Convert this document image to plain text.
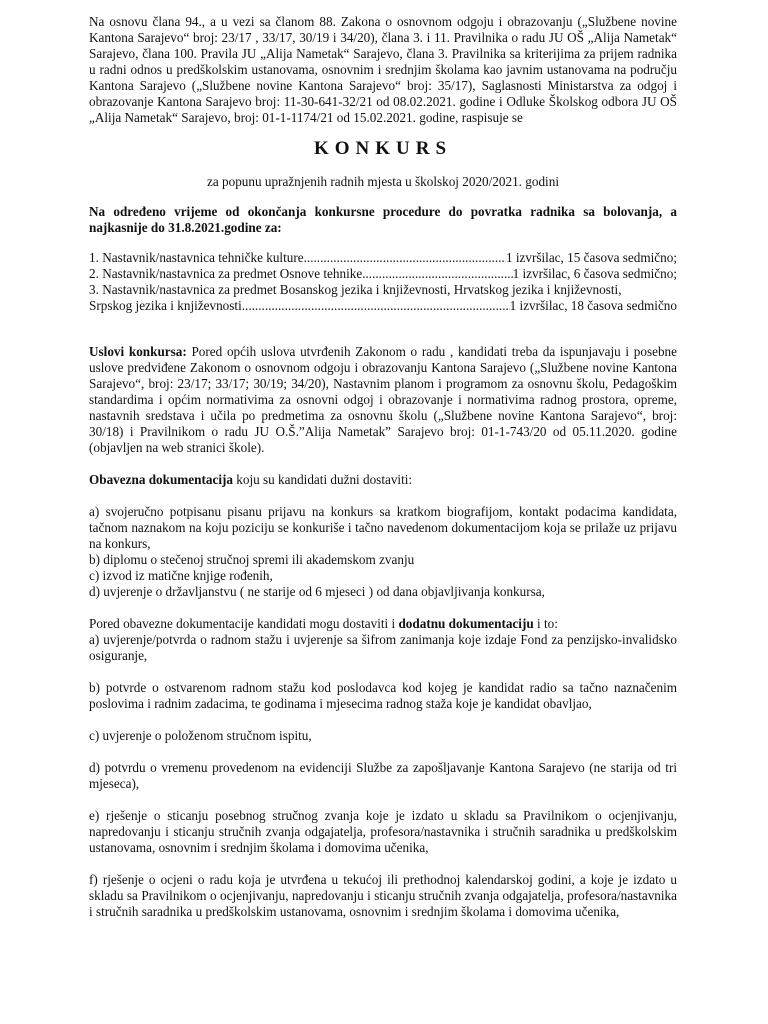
Na osnovu člana 94., a u vezi sa članom 88. Zakona o osnovnom odgoju i obrazovanju („Službene novine Kantona Sarajevo“ broj: 23/17 , 33/17, 30/19 i 34/20), člana 3. i 11. Pravilnika o radu JU OŠ „Alija Nametak“ Sarajevo, člana 100. Pravila JU „Alija Nametak“ Sarajevo, člana 3. Pravilnika sa kriterijima za prijem radnika u radni odnos u predškolskim ustanovama, osnovnim i srednjim školama kao javnim ustanovama na području Kantona Sarajevo („Službene novine Kantona Sarajevo“ broj: 35/17), Saglasnosti Ministarstva za odgoj i obrazovanje Kantona Sarajevo broj: 11-30-641-32/21 od 08.02.2021. godine i Odluke Školskog odbora JU OŠ „Alija Nametak“ Sarajevo, broj: 01-1-1174/21 od 15.02.2021. godine, raspisuje se

KONKURS
za popunu upražnjenih radnih mjesta u školskoj 2020/2021. godini

Na određeno vrijeme od okončanja konkursne procedure do povratka radnika sa bolovanja, a najkasnije do 31.8.2021.godine za:

1. Nastavnik/nastavnica tehničke kulture .....	1 izvršilac, 15 časova sedmično;
2. Nastavnik/nastavnica za predmet Osnove tehnike .....	1 izvršilac, 6 časova sedmično;

3. Nastavnik/nastavnica za predmet Bosanskog jezika i književnosti, Hrvatskog jezika i književnosti,

Srpskog jezika i književnosti .....	1 izvršilac, 18 časova sedmično

Uslovi konkursa: Pored općih uslova utvrđenih Zakonom o radu , kandidati treba da ispunjavaju i posebne uslove predviđene Zakonom o osnovnom odgoju i obrazovanju Kantona Sarajevo („Službene novine Kantona Sarajevo“, broj: 23/17; 33/17; 30/19; 34/20), Nastavnim planom i programom za osnovnu školu, Pedagoškim standardima i općim normativima za osnovni odgoj i obrazovanje i normativima radnog prostora, opreme, nastavnih sredstava i učila po predmetima za osnovnu školu („Službene novine Kantona Sarajevo“, broj: 30/18) i Pravilnikom o radu JU O.Š.”Alija Nametak” Sarajevo broj: 01-1-743/20 od 05.11.2020. godine (objavljen na web stranici škole).

Obavezna dokumentacija koju su kandidati dužni dostaviti:

a) svojeručno potpisanu pisanu prijavu na konkurs sa kratkom biografijom, kontakt podacima kandidata, tačnom naznakom na koju poziciju se konkuriše i tačno navedenom dokumentacijom koja se prilaže uz prijavu na konkurs,

b) diplomu o stečenoj stručnoj spremi ili akademskom zvanju

c) izvod iz matične knjige rođenih,

d) uvjerenje o državljanstvu ( ne starije od 6 mjeseci ) od dana objavljivanja konkursa,

Pored obavezne dokumentacije kandidati mogu dostaviti i dodatnu dokumentaciju i to:

a) uvjerenje/potvrda o radnom stažu i uvjerenje sa šifrom zanimanja koje izdaje Fond za penzijsko-invalidsko osiguranje,

b) potvrde o ostvarenom radnom stažu kod poslodavca kod kojeg je kandidat radio sa tačno naznačenim poslovima i radnim zadacima, te godinama i mjesecima radnog staža koje je kandidat obavljao,

c) uvjerenje o položenom stručnom ispitu,

d) potvrdu o vremenu provedenom na evidenciji Službe za zapošljavanje Kantona Sarajevo (ne starija od tri mjeseca),

e) rješenje o sticanju posebnog stručnog zvanja koje je izdato u skladu sa Pravilnikom o ocjenjivanju, napredovanju i sticanju stručnih zvanja odgajatelja, profesora/nastavnika i stručnih saradnika u predškolskim ustanovama, osnovnim i srednjim školama i domovima učenika,

f) rješenje o ocjeni o radu koja je utvrđena u tekućoj ili prethodnoj kalendarskoj godini, a koje je izdato u skladu sa Pravilnikom o ocjenjivanju, napredovanju i sticanju stručnih zvanja odgajatelja, profesora/nastavnika i stručnih saradnika u predškolskim ustanovama, osnovnim i srednjim školama i domovima učenika,
